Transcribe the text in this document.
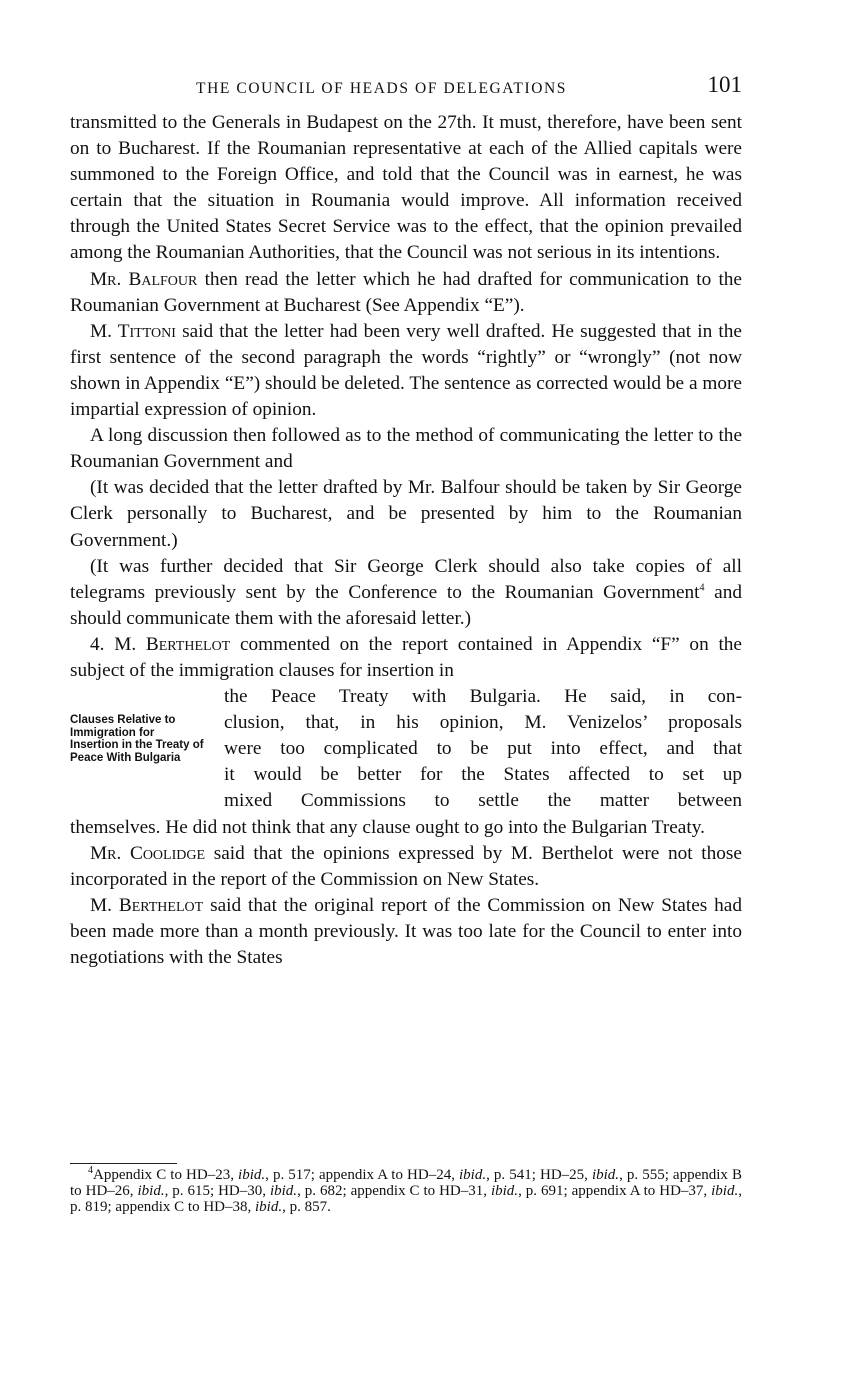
THE COUNCIL OF HEADS OF DELEGATIONS	101

transmitted to the Generals in Budapest on the 27th. It must, therefore, have been sent on to Bucharest. If the Roumanian representative at each of the Allied capitals were summoned to the Foreign Office, and told that the Council was in earnest, he was certain that the situation in Roumania would improve. All information received through the United States Secret Service was to the effect, that the opinion prevailed among the Roumanian Authorities, that the Council was not serious in its intentions.

Mr. Balfour then read the letter which he had drafted for communication to the Roumanian Government at Bucharest (See Appendix “E”).

M. Tittoni said that the letter had been very well drafted. He suggested that in the first sentence of the second paragraph the words “rightly” or “wrongly” (not now shown in Appendix “E”) should be deleted. The sentence as corrected would be a more impartial expression of opinion.

A long discussion then followed as to the method of communicating the letter to the Roumanian Government and

(It was decided that the letter drafted by Mr. Balfour should be taken by Sir George Clerk personally to Bucharest, and be presented by him to the Roumanian Government.)

(It was further decided that Sir George Clerk should also take copies of all telegrams previously sent by the Conference to the Roumanian Government$^4$ and should communicate them with the aforesaid letter.)

4. M. Berthelot commented on the report contained in Appendix “F” on the subject of the immigration clauses for insertion in

Clauses Relative to Immigration for Insertion in the Treaty of Peace With Bulgaria
the Peace Treaty with Bulgaria. He said, in con-
clusion, that, in his opinion, M. Venizelos’ proposals
were too complicated to be put into effect, and that
it would be better for the States affected to set up
mixed Commissions to settle the matter between

themselves. He did not think that any clause ought to go into the Bulgarian Treaty.

Mr. Coolidge said that the opinions expressed by M. Berthelot were not those incorporated in the report of the Commission on New States.

M. Berthelot said that the original report of the Commission on New States had been made more than a month previously. It was too late for the Council to enter into negotiations with the States

$^4$Appendix C to HD–23, ibid., p. 517; appendix A to HD–24, ibid., p. 541; HD–25, ibid., p. 555; appendix B to HD–26, ibid., p. 615; HD–30, ibid., p. 682; appendix C to HD–31, ibid., p. 691; appendix A to HD–37, ibid., p. 819; appendix C to HD–38, ibid., p. 857.
